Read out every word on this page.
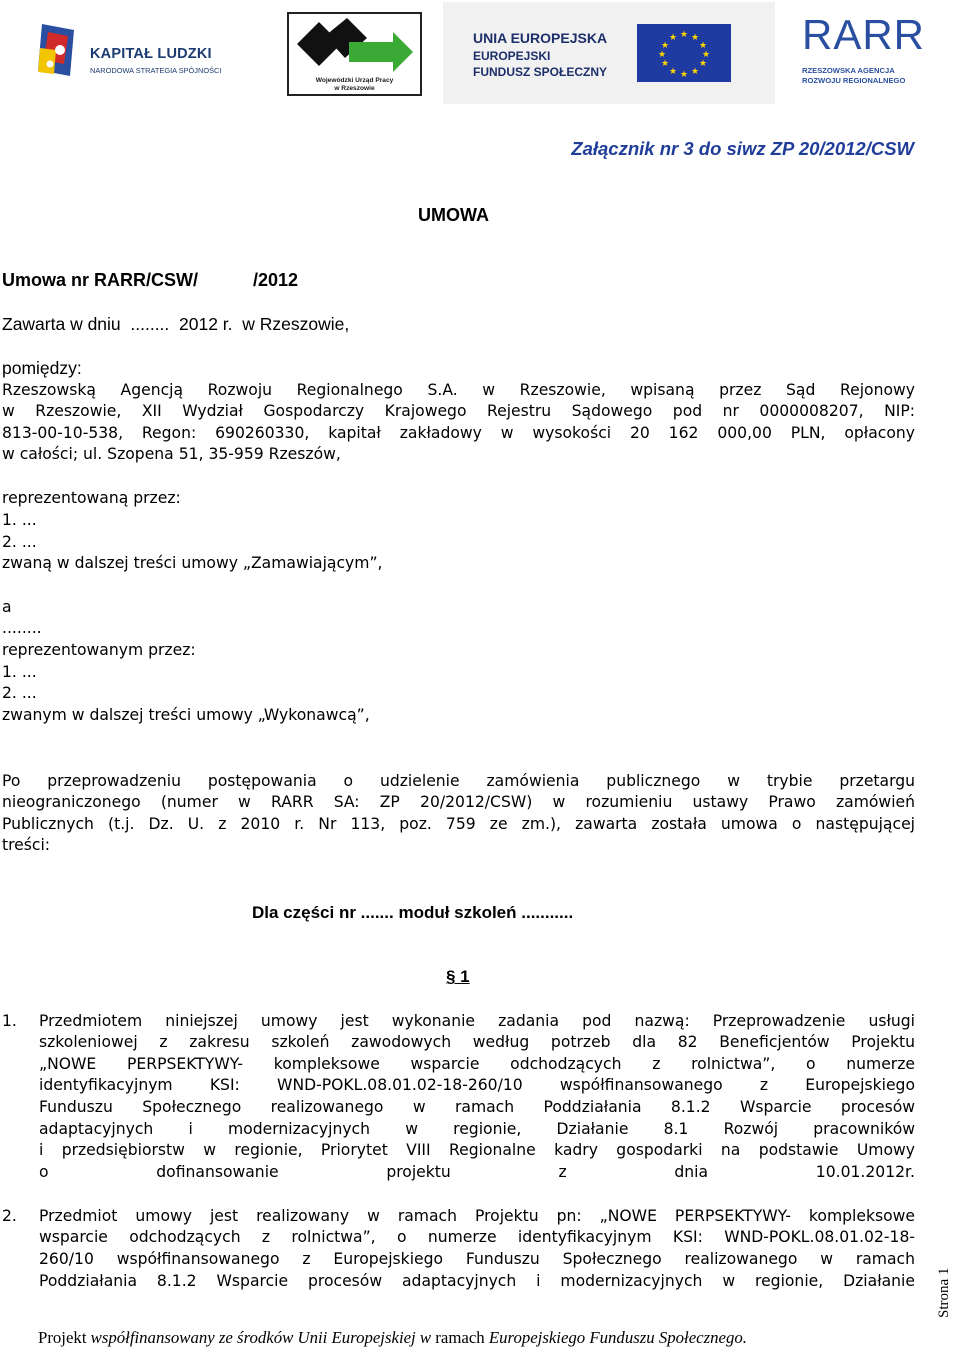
KAPITAŁ LUDZKI
NARODOWA STRATEGIA SPÓJNOŚCI
Wojewódzki Urząd Pracy
w Rzeszowie
UNIA EUROPEJSKA
EUROPEJSKI
FUNDUSZ SPOŁECZNY
★ ★
★
★
★
★
★
★
★
★
★
★	RARR
RZESZOWSKA AGENCJA
ROZWOJU REGIONALNEGO
Załącznik nr 3 do siwz ZP 20/2012/CSW
UMOWA
Umowa nr RARR/CSW/           /2012
Zawarta w dniu  ........  2012 r.  w Rzeszowie,
pomiędzy:
Rzeszowską Agencją Rozwoju Regionalnego S.A. w Rzeszowie, wpisaną przez Sąd Rejonowy
w Rzeszowie, XII Wydział Gospodarczy Krajowego Rejestru Sądowego pod nr 0000008207, NIP:
813-00-10-538, Regon: 690260330, kapitał zakładowy w wysokości 20 162 000,00 PLN, opłacony
w całości; ul. Szopena 51, 35-959 Rzeszów,
reprezentowaną przez:
1. ...
2. ...
zwaną w dalszej treści umowy „Zamawiającym”,
a
........
reprezentowanym przez:
1. ...
2. ...
zwanym w dalszej treści umowy „Wykonawcą”,
Po przeprowadzeniu postępowania o udzielenie zamówienia publicznego w trybie przetargu
nieograniczonego (numer w RARR SA: ZP 20/2012/CSW) w rozumieniu ustawy Prawo zamówień
Publicznych (t.j. Dz. U. z 2010 r. Nr 113, poz. 759 ze zm.), zawarta została umowa o następującej
treści:
Dla części nr ....... moduł szkoleń ...........
§ 1
1. Przedmiotem niniejszej umowy jest wykonanie zadania pod nazwą: Przeprowadzenie usługi
szkoleniowej z zakresu szkoleń zawodowych według potrzeb dla 82 Beneficjentów Projektu
„NOWE PERPSEKTYWY- kompleksowe wsparcie odchodzących z rolnictwa”, o numerze
identyfikacyjnym KSI: WND-POKL.08.01.02-18-260/10 współfinansowanego z Europejskiego
Funduszu Społecznego realizowanego w ramach Poddziałania 8.1.2 Wsparcie procesów
adaptacyjnych i modernizacyjnych w regionie, Działanie 8.1 Rozwój pracowników
i przedsiębiorstw w regionie, Priorytet VIII Regionalne kadry gospodarki na podstawie Umowy
o dofinansowanie projektu z dnia 10.01.2012r.
2. Przedmiot umowy jest realizowany w ramach Projektu pn: „NOWE PERPSEKTYWY- kompleksowe
wsparcie odchodzących z rolnictwa”, o numerze identyfikacyjnym KSI: WND-POKL.08.01.02-18-
260/10 współfinansowanego z Europejskiego Funduszu Społecznego realizowanego w ramach
Poddziałania 8.1.2 Wsparcie procesów adaptacyjnych i modernizacyjnych w regionie, Działanie
Projekt współfinansowany ze środków Unii Europejskiej w ramach Europejskiego Funduszu Społecznego.
Strona 1
